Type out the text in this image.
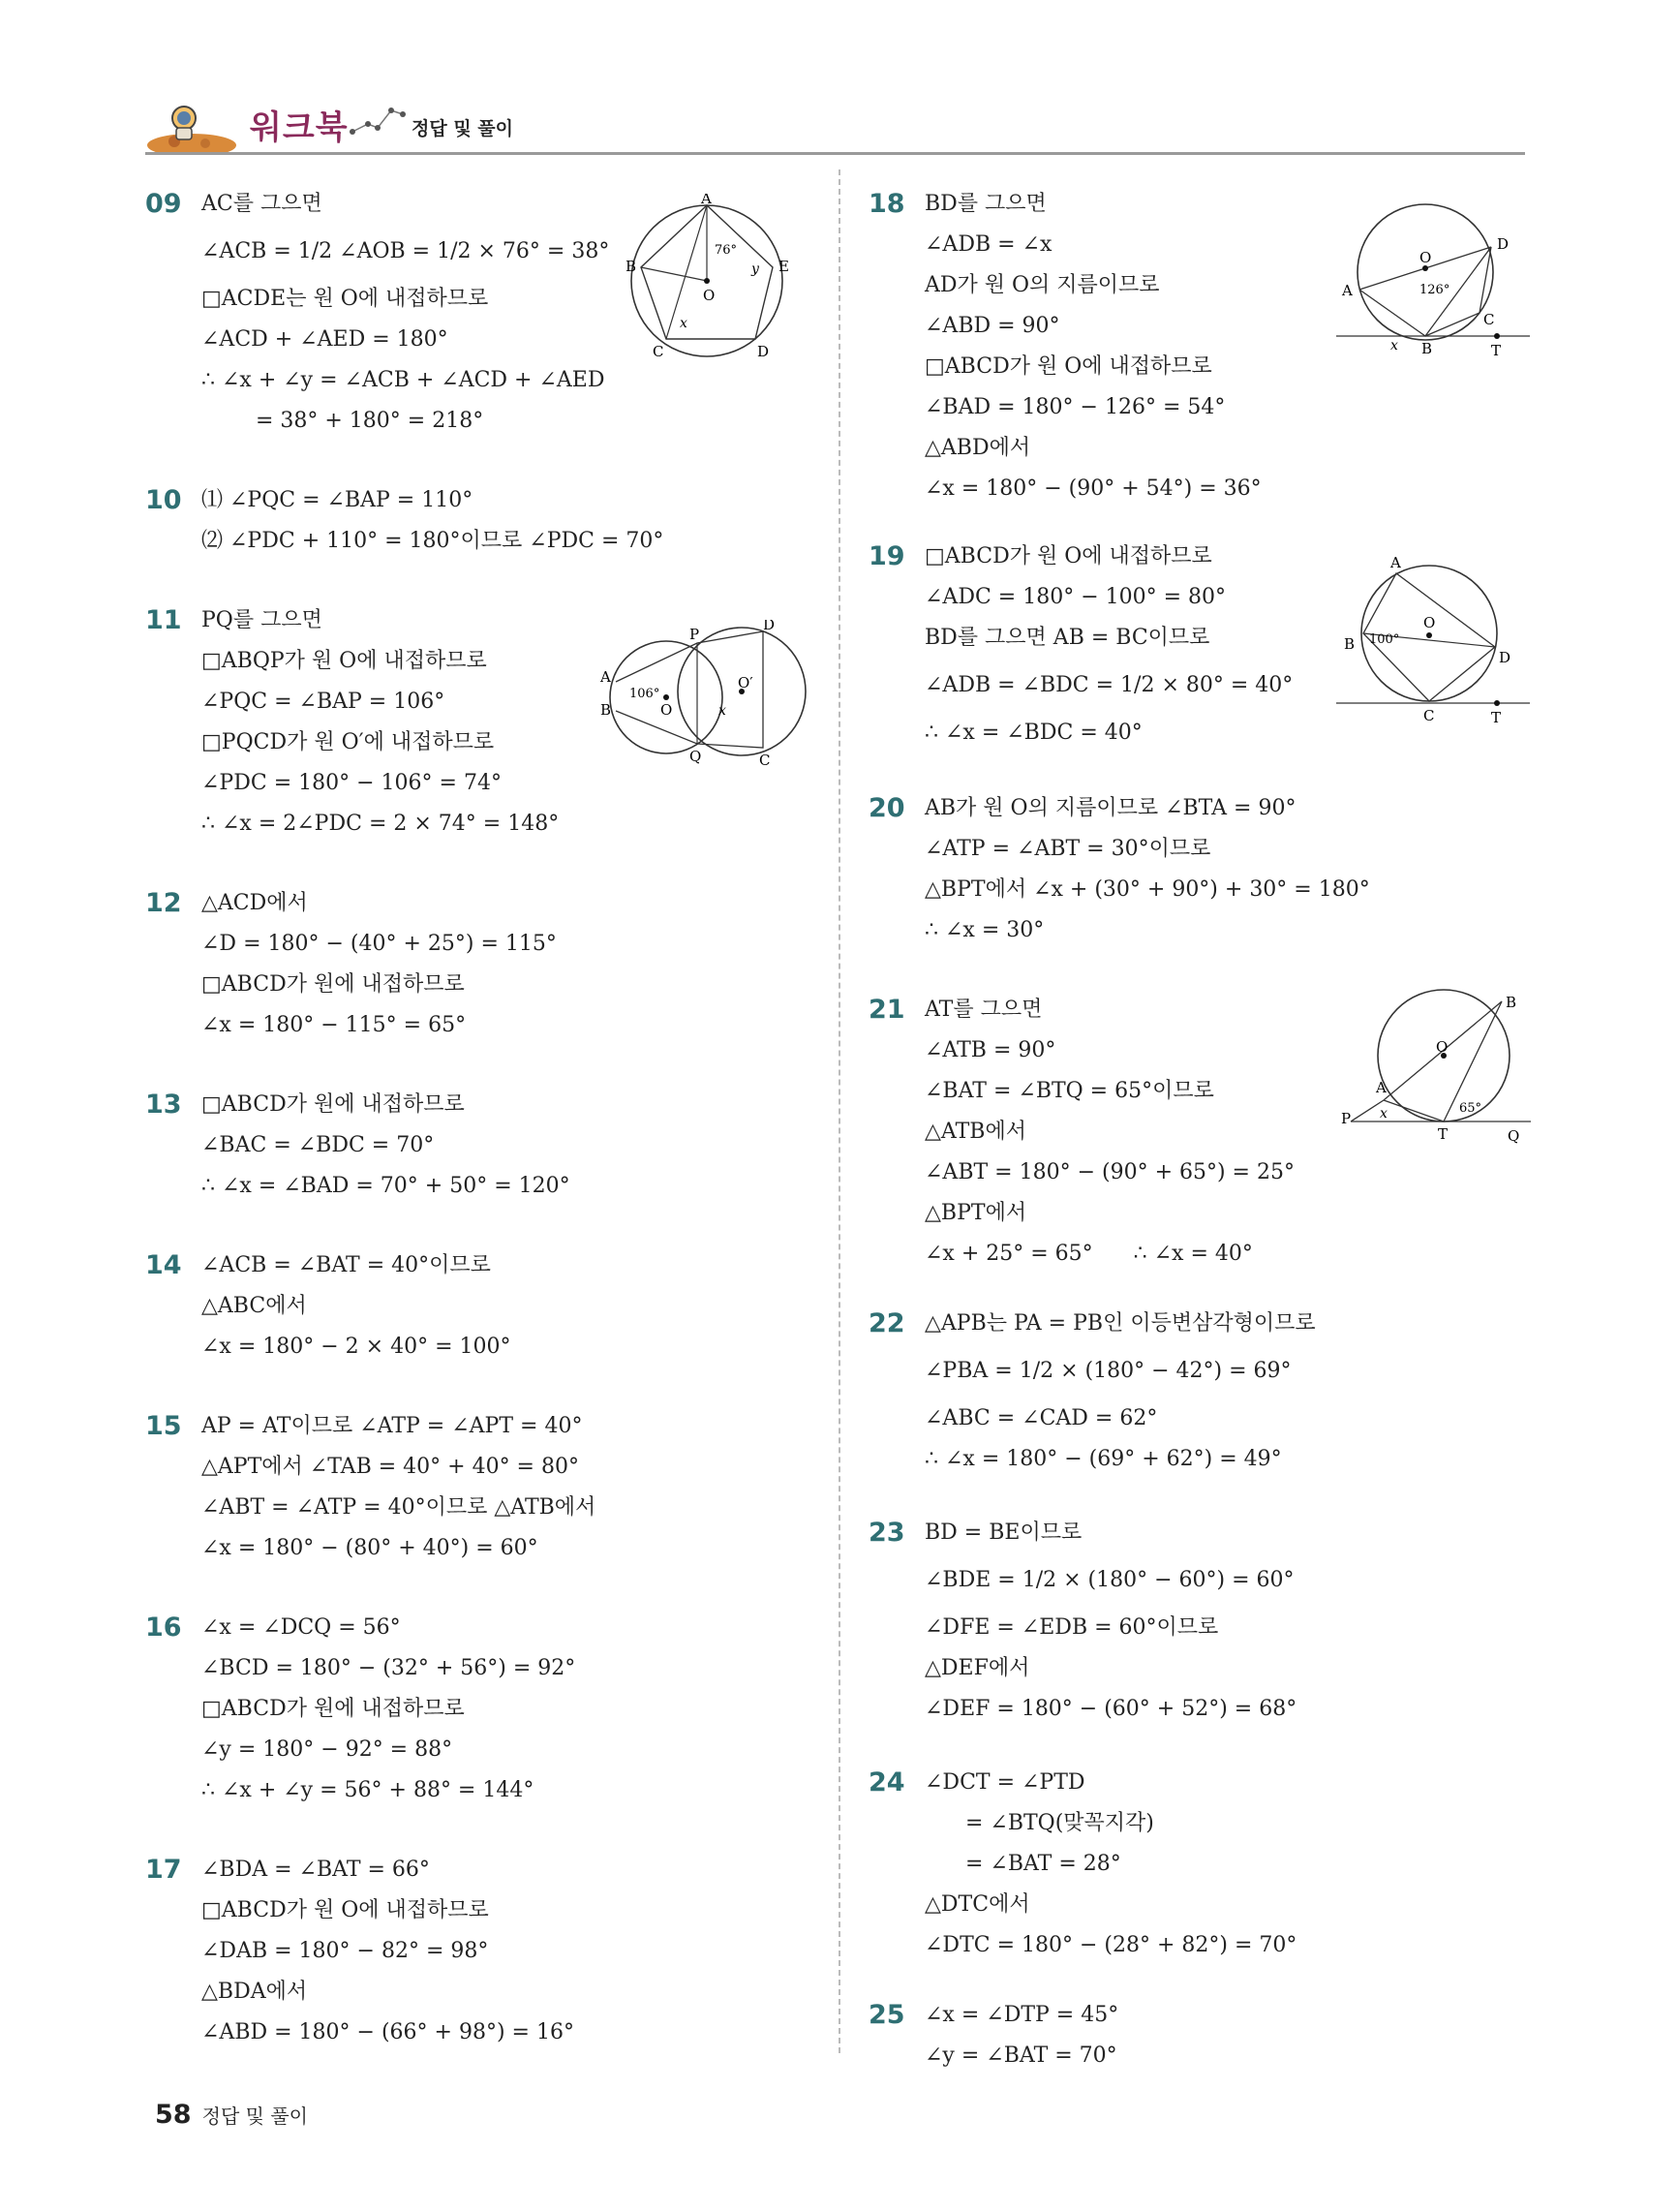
워크북	정답 및 풀이
09 AC를 그으면
∠ACB = 1/2 ∠AOB = 1/2 × 76° = 38°
□ACDE는 원 O에 내접하므로
∠ACD + ∠AED = 180°
∴ ∠x + ∠y = ∠ACB + ∠ACD + ∠AED
= 38° + 180° = 218°
10 ⑴ ∠PQC = ∠BAP = 110°
⑵ ∠PDC + 110° = 180°이므로 ∠PDC = 70°
11 PQ를 그으면
□ABQP가 원 O에 내접하므로
∠PQC = ∠BAP = 106°
□PQCD가 원 O′에 내접하므로
∠PDC = 180° − 106° = 74°
∴ ∠x = 2∠PDC = 2 × 74° = 148°
12 △ACD에서
∠D = 180° − (40° + 25°) = 115°
□ABCD가 원에 내접하므로
∠x = 180° − 115° = 65°
13 □ABCD가 원에 내접하므로
∠BAC = ∠BDC = 70°
∴ ∠x = ∠BAD = 70° + 50° = 120°
14 ∠ACB = ∠BAT = 40°이므로
△ABC에서
∠x = 180° − 2 × 40° = 100°
15 AP = AT이므로 ∠ATP = ∠APT = 40°
△APT에서 ∠TAB = 40° + 40° = 80°
∠ABT = ∠ATP = 40°이므로 △ATB에서
∠x = 180° − (80° + 40°) = 60°
16 ∠x = ∠DCQ = 56°
∠BCD = 180° − (32° + 56°) = 92°
□ABCD가 원에 내접하므로
∠y = 180° − 92° = 88°
∴ ∠x + ∠y = 56° + 88° = 144°
17 ∠BDA = ∠BAT = 66°
□ABCD가 원 O에 내접하므로
∠DAB = 180° − 82° = 98°
△BDA에서
∠ABD = 180° − (66° + 98°) = 16°
18 BD를 그으면
∠ADB = ∠x
AD가 원 O의 지름이므로
∠ABD = 90°
□ABCD가 원 O에 내접하므로
∠BAD = 180° − 126° = 54°
△ABD에서
∠x = 180° − (90° + 54°) = 36°
19 □ABCD가 원 O에 내접하므로
∠ADC = 180° − 100° = 80°
BD를 그으면 AB = BC이므로
∠ADB = ∠BDC = 1/2 × 80° = 40°
∴ ∠x = ∠BDC = 40°
20 AB가 원 O의 지름이므로 ∠BTA = 90°
∠ATP = ∠ABT = 30°이므로
△BPT에서 ∠x + (30° + 90°) + 30° = 180°
∴ ∠x = 30°
21 AT를 그으면
∠ATB = 90°
∠BAT = ∠BTQ = 65°이므로
△ATB에서
∠ABT = 180° − (90° + 65°) = 25°
△BPT에서
∠x + 25° = 65°      ∴ ∠x = 40°
22 △APB는 PA = PB인 이등변삼각형이므로
∠PBA = 1/2 × (180° − 42°) = 69°
∠ABC = ∠CAD = 62°
∴ ∠x = 180° − (69° + 62°) = 49°
23 BD = BE이므로
∠BDE = 1/2 × (180° − 60°) = 60°
∠DFE = ∠EDB = 60°이므로
△DEF에서
∠DEF = 180° − (60° + 52°) = 68°
24 ∠DCT = ∠PTD
= ∠BTQ(맞꼭지각)
= ∠BAT = 28°
△DTC에서
∠DTC = 180° − (28° + 82°) = 70°
25 ∠x = ∠DTP = 45°
∠y = ∠BAT = 70°
A
B
C	D
E
O
76°
x
y
A
B
P
D
Q	C
O
O′
106°
x
A
B
C
D
O
T
x
126°
A
B
C
D
O
T
100°
P
A
T	Q
B
O
x	65°
58 정답 및 풀이
